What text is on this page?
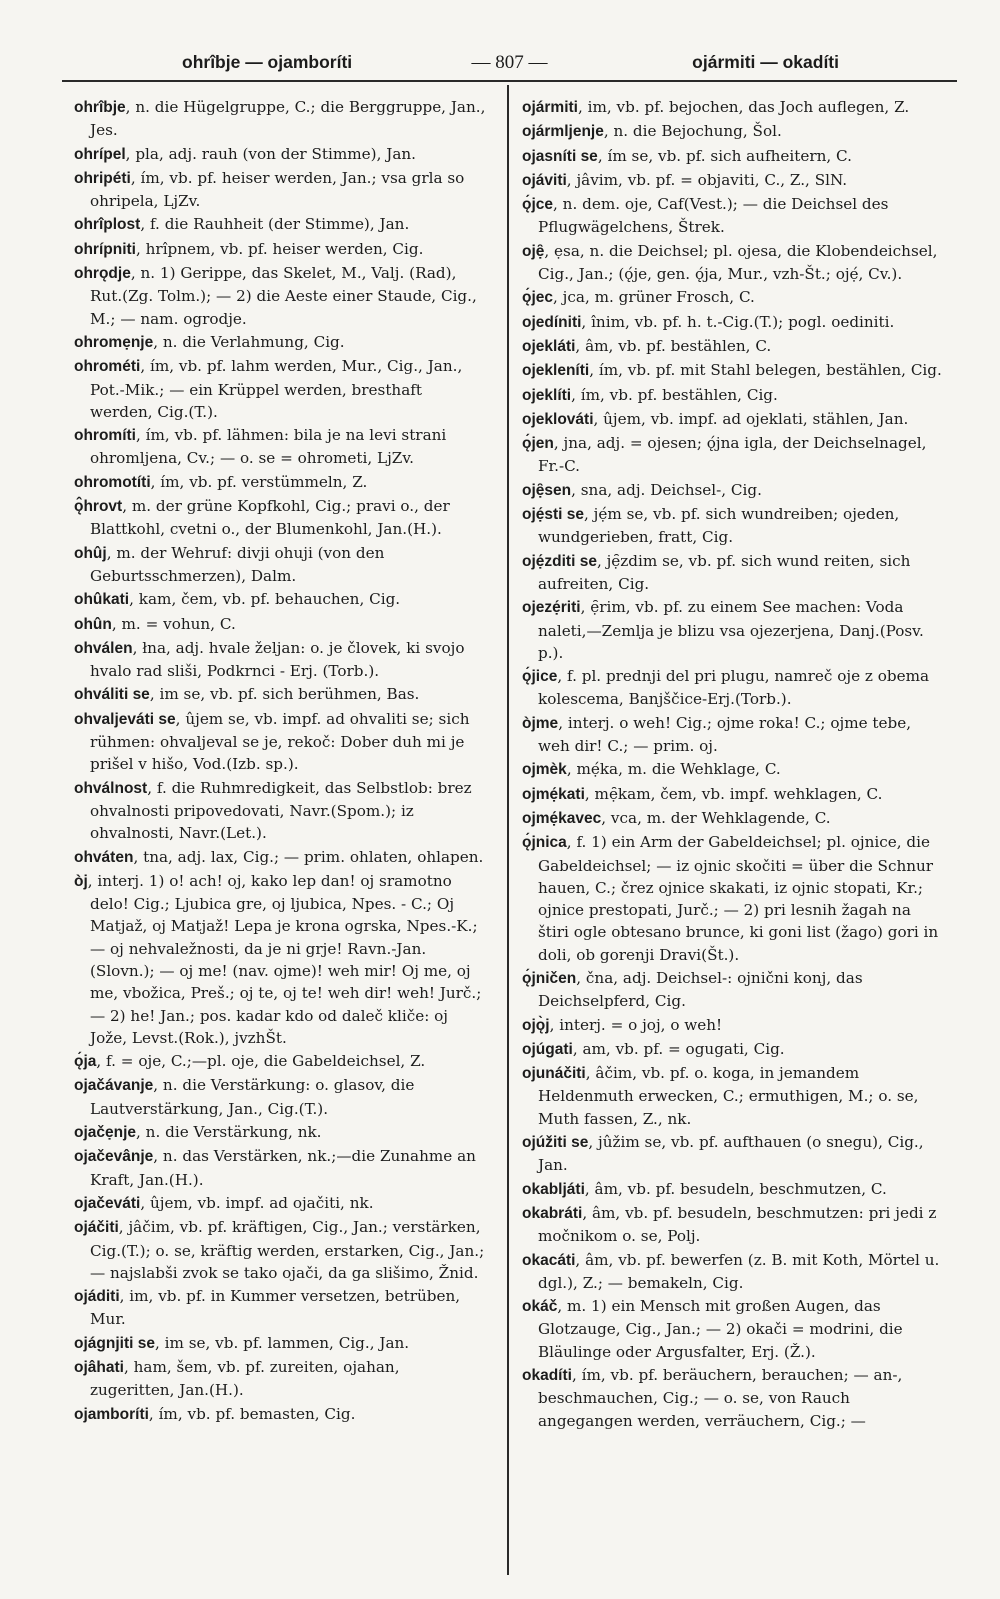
ohrîbje — ojamboríti	— 807 —	ojármiti — okadíti
ohrîbje, n. die Hügelgruppe, C.; die Berggruppe, Jan., Jes.
ohrípel, pla, adj. rauh (von der Stimme), Jan.
ohripéti, ím, vb. pf. heiser werden, Jan.; vsa grla so ohripela, LjZv.
ohrîplost, f. die Rauhheit (der Stimme), Jan.
ohrípniti, hrîpnem, vb. pf. heiser werden, Cig.
ohrǫdje, n. 1) Gerippe, das Skelet, M., Valj. (Rad), Rut.(Zg. Tolm.); — 2) die Aeste einer Staude, Cig., M.; — nam. ogrodje.
ohromẹnje, n. die Verlahmung, Cig.
ohrométi, ím, vb. pf. lahm werden, Mur., Cig., Jan., Pot.-Mik.; — ein Krüppel werden, bresthaft werden, Cig.(T.).
ohromíti, ím, vb. pf. lähmen: bila je na levi strani ohromljena, Cv.; — o. se = ohrometi, LjZv.
ohromotíti, ím, vb. pf. verstümmeln, Z.
ǫ̂hrovt, m. der grüne Kopfkohl, Cig.; pravi o., der Blattkohl, cvetni o., der Blumenkohl, Jan.(H.).
ohûj, m. der Wehruf: divji ohuji (von den Geburtsschmerzen), Dalm.
ohûkati, kam, čem, vb. pf. behauchen, Cig.
ohûn, m. = vohun, C.
ohválen, łna, adj. hvale željan: o. je človek, ki svojo hvalo rad sliši, Podkrnci - Erj. (Torb.).
ohváliti se, im se, vb. pf. sich berühmen, Bas.
ohvaljeváti se, ûjem se, vb. impf. ad ohvaliti se; sich rühmen: ohvaljeval se je, rekoč: Dober duh mi je prišel v hišo, Vod.(Izb. sp.).
ohválnost, f. die Ruhmredigkeit, das Selbstlob: brez ohvalnosti pripovedovati, Navr.(Spom.); iz ohvalnosti, Navr.(Let.).
ohváten, tna, adj. lax, Cig.; — prim. ohlaten, ohlapen.
òj, interj. 1) o! ach! oj, kako lep dan! oj sramotno delo! Cig.; Ljubica gre, oj ljubica, Npes. - C.; Oj Matjaž, oj Matjaž! Lepa je krona ogrska, Npes.-K.; — oj nehvaležnosti, da je ni grje! Ravn.-Jan.(Slovn.); — oj me! (nav. ojme)! weh mir! Oj me, oj me, vbožica, Preš.; oj te, oj te! weh dir! weh! Jurč.; — 2) he! Jan.; pos. kadar kdo od daleč kliče: oj Jože, Levst.(Rok.), jvzhŠt.
ǫ́ja, f. = oje, C.;—pl. oje, die Gabeldeichsel, Z.
ojačávanje, n. die Verstärkung: o. glasov, die Lautverstärkung, Jan., Cig.(T.).
ojačẹnje, n. die Verstärkung, nk.
ojačevânje, n. das Verstärken, nk.;—die Zunahme an Kraft, Jan.(H.).
ojačeváti, ûjem, vb. impf. ad ojačiti, nk.
ojáčiti, jâčim, vb. pf. kräftigen, Cig., Jan.; verstärken, Cig.(T.); o. se, kräftig werden, erstarken, Cig., Jan.; — najslabši zvok se tako ojači, da ga slišimo, Žnid.
ojáditi, im, vb. pf. in Kummer versetzen, betrüben, Mur.
ojágnjiti se, im se, vb. pf. lammen, Cig., Jan.
ojâhati, ham, šem, vb. pf. zureiten, ojahan, zugeritten, Jan.(H.).
ojamboríti, ím, vb. pf. bemasten, Cig.
ojármiti, im, vb. pf. bejochen, das Joch auflegen, Z.
ojármljenje, n. die Bejochung, Šol.
ojasníti se, ím se, vb. pf. sich aufheitern, C.
ojáviti, jâvim, vb. pf. = objaviti, C., Z., SlN.
ǫ́jce, n. dem. oje, Caf(Vest.); — die Deichsel des Pflugwägelchens, Štrek.
ojẹ̑, ẹsa, n. die Deichsel; pl. ojesa, die Klobendeichsel, Cig., Jan.; (ǫ́je, gen. ǫ́ja, Mur., vzh-Št.; ojẹ́, Cv.).
ǫ́jec, jca, m. grüner Frosch, C.
ojedíniti, înim, vb. pf. h. t.-Cig.(T.); pogl. oediniti.
ojekláti, âm, vb. pf. bestählen, C.
ojekleníti, ím, vb. pf. mit Stahl belegen, bestählen, Cig.
ojeklíti, ím, vb. pf. bestählen, Cig.
ojeklováti, ûjem, vb. impf. ad ojeklati, stählen, Jan.
ǫ́jen, jna, adj. = ojesen; ǫ́jna igla, der Deichselnagel, Fr.-C.
ojẹ̑sen, sna, adj. Deichsel-, Cig.
ojẹ́sti se, jẹ́m se, vb. pf. sich wundreiben; ojeden, wundgerieben, fratt, Cig.
ojẹ́zditi se, jẹ̑zdim se, vb. pf. sich wund reiten, sich aufreiten, Cig.
ojezẹ́riti, ẹ̑rim, vb. pf. zu einem See machen: Voda naleti,—Zemlja je blizu vsa ojezerjena, Danj.(Posv. p.).
ǫ́jice, f. pl. prednji del pri plugu, namreč oje z obema kolescema, Banjščice-Erj.(Torb.).
òjme, interj. o weh! Cig.; ojme roka! C.; ojme tebe, weh dir! C.; — prim. oj.
ojmèk, mẹ́ka, m. die Wehklage, C.
ojmẹ́kati, mẹ̑kam, čem, vb. impf. wehklagen, C.
ojmẹ́kavec, vca, m. der Wehklagende, C.
ǫ́jnica, f. 1) ein Arm der Gabeldeichsel; pl. ojnice, die Gabeldeichsel; — iz ojnic skočiti = über die Schnur hauen, C.; črez ojnice skakati, iz ojnic stopati, Kr.; ojnice prestopati, Jurč.; — 2) pri lesnih žagah na štiri ogle obtesano brunce, ki goni list (žago) gori in doli, ob gorenji Dravi(Št.).
ǫ́jničen, čna, adj. Deichsel-: ojnični konj, das Deichselpferd, Cig.
ojǫ̀j, interj. = o joj, o weh!
ojúgati, am, vb. pf. = ogugati, Cig.
ojunáčiti, âčim, vb. pf. o. koga, in jemandem Heldenmuth erwecken, C.; ermuthigen, M.; o. se, Muth fassen, Z., nk.
ojúžiti se, jûžim se, vb. pf. aufthauen (o snegu), Cig., Jan.
okabljáti, âm, vb. pf. besudeln, beschmutzen, C.
okabráti, âm, vb. pf. besudeln, beschmutzen: pri jedi z močnikom o. se, Polj.
okacáti, âm, vb. pf. bewerfen (z. B. mit Koth, Mörtel u. dgl.), Z.; — bemakeln, Cig.
okáč, m. 1) ein Mensch mit großen Augen, das Glotzauge, Cig., Jan.; — 2) okači = modrini, die Bläulinge oder Argusfalter, Erj. (Ž.).
okadíti, ím, vb. pf. beräuchern, berauchen; — an-, beschmauchen, Cig.; — o. se, von Rauch angegangen werden, verräuchern, Cig.; —
